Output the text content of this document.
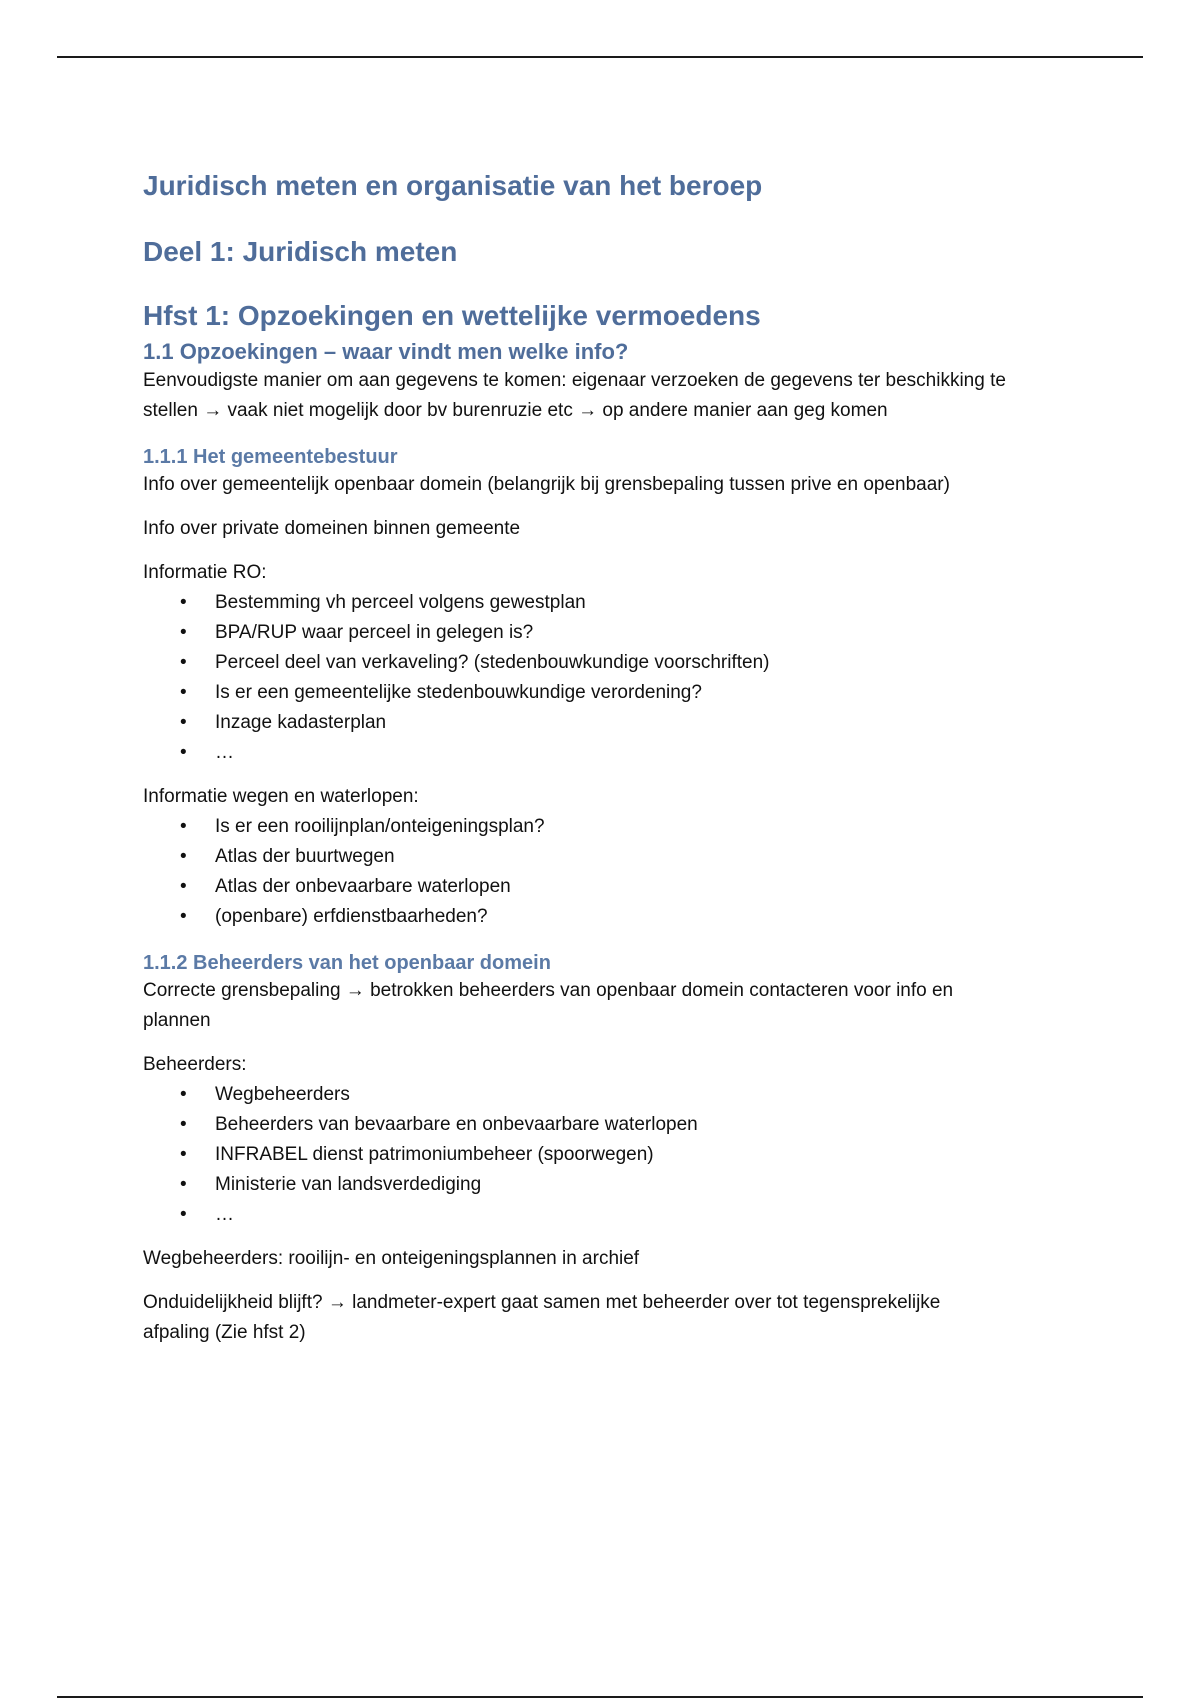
Juridisch meten en organisatie van het beroep
Deel 1: Juridisch meten
Hfst 1: Opzoekingen en wettelijke vermoedens
1.1 Opzoekingen – waar vindt men welke info?

Eenvoudigste manier om aan gegevens te komen: eigenaar verzoeken de gegevens ter beschikking te
stellen → vaak niet mogelijk door bv burenruzie etc → op andere manier aan geg komen

1.1.1 Het gemeentebestuur

Info over gemeentelijk openbaar domein (belangrijk bij grensbepaling tussen prive en openbaar)

Info over private domeinen binnen gemeente

Informatie RO:

• Bestemming vh perceel volgens gewestplan
• BPA/RUP waar perceel in gelegen is?
• Perceel deel van verkaveling? (stedenbouwkundige voorschriften)
• Is er een gemeentelijke stedenbouwkundige verordening?
• Inzage kadasterplan
• …

Informatie wegen en waterlopen:

• Is er een rooilijnplan/onteigeningsplan?
• Atlas der buurtwegen
• Atlas der onbevaarbare waterlopen
• (openbare) erfdienstbaarheden?
1.1.2 Beheerders van het openbaar domein

Correcte grensbepaling → betrokken beheerders van openbaar domein contacteren voor info en
plannen

Beheerders:

• Wegbeheerders
• Beheerders van bevaarbare en onbevaarbare waterlopen
• INFRABEL dienst patrimoniumbeheer (spoorwegen)
• Ministerie van landsverdediging
• …

Wegbeheerders: rooilijn- en onteigeningsplannen in archief

Onduidelijkheid blijft? → landmeter-expert gaat samen met beheerder over tot tegensprekelijke
afpaling (Zie hfst 2)
